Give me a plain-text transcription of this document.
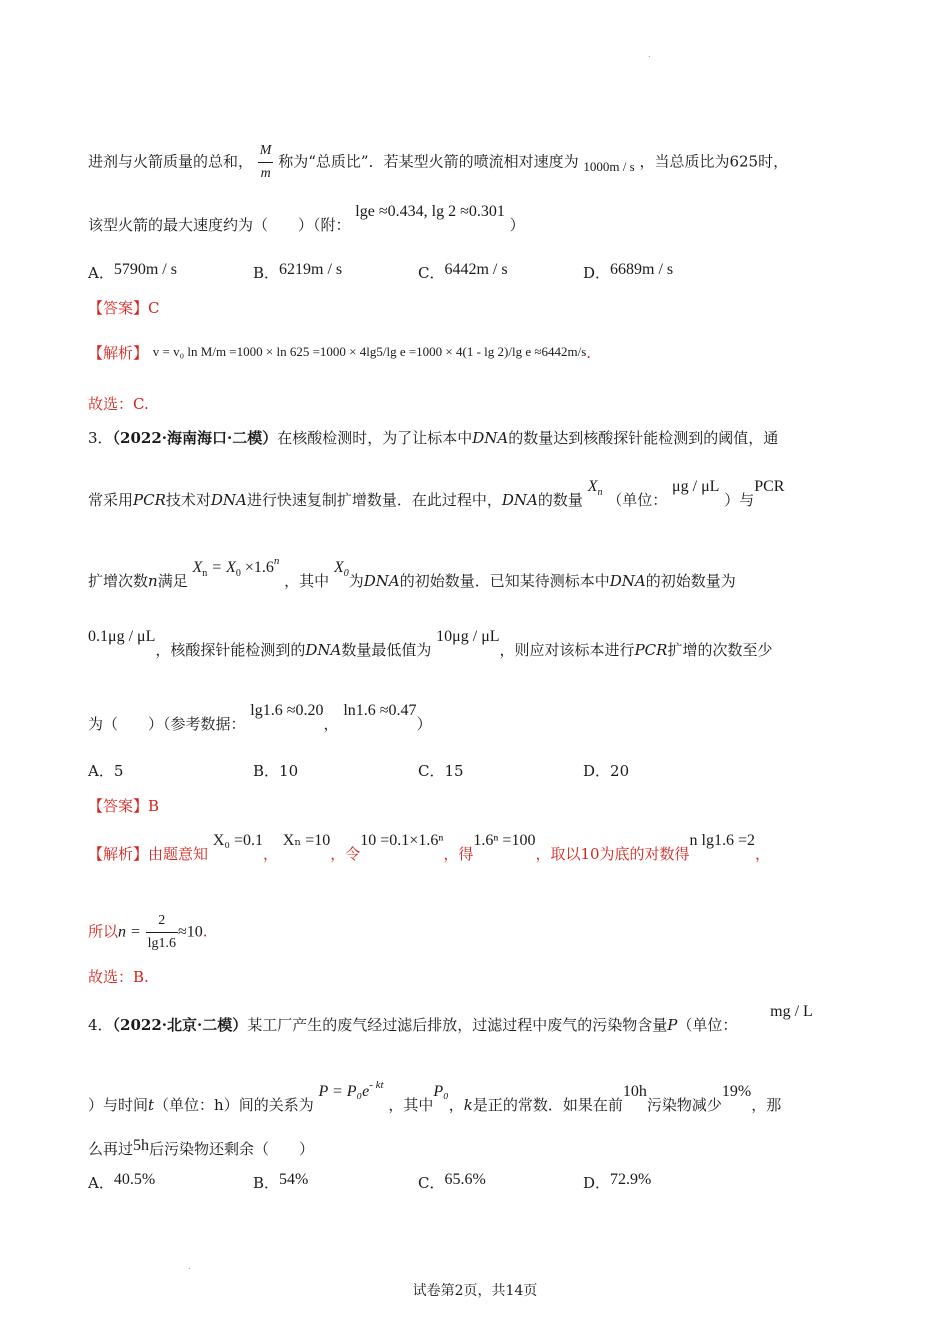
.
.
进剂与火箭质量的总和， $\frac{M}{m}$ 称为“总质比”．若某型火箭的喷流相对速度为 1000m / s ，当总质比为625时，
该型火箭的最大速度约为（　　）（附： lge ≈0.434, lg 2 ≈0.301 ）
A．5790m / s	B．6219m / s	C．6442m / s	D．6689m / s
【答案】C
【解析】 v = v₀ ln M/m =1000 × ln 625 =1000 × 4lg5/lg e =1000 × 4(1 - lg 2)/lg e ≈6442m/s.
故选：C.
3．（2022·海南海口·二模）在核酸检测时，为了让标本中DNA的数量达到核酸探针能检测到的阈值，通
常采用PCR技术对DNA进行快速复制扩增数量．在此过程中，DNA的数量 $X_n$ （单位： μg / μL ）与PCR
扩增次数n满足 $X_n = X_0 \times 1.6^n$ ，其中 $X_0$为DNA的初始数量．已知某待测标本中DNA的初始数量为
0.1μg / μL，核酸探针能检测到的DNA数量最低值为 10μg / μL，则应对该标本进行PCR扩增的次数至少
为（　　）（参考数据： lg1.6 ≈0.20， ln1.6 ≈0.47）
A．5	B．10	C．15	D．20
【答案】B
【解析】由题意知 X₀ =0.1， Xₙ =10，令10 =0.1×1.6ⁿ，得1.6ⁿ =100，取以10为底的对数得n lg1.6 =2，
所以$n = \frac{2}{\lg 1.6} \approx 10$.
故选：B.
4．（2022·北京·二模）某工厂产生的废气经过滤后排放，过滤过程中废气的污染物含量P（单位： mg / L
）与时间t（单位：h）间的关系为 $P = P_0e^{- kt}$ ，其中P₀，k是正的常数．如果在前10h污染物减少19%，那
么再过5h后污染物还剩余（　　）
A．40.5%	B．54%	C．65.6%	D．72.9%
试卷第2页，共14页
